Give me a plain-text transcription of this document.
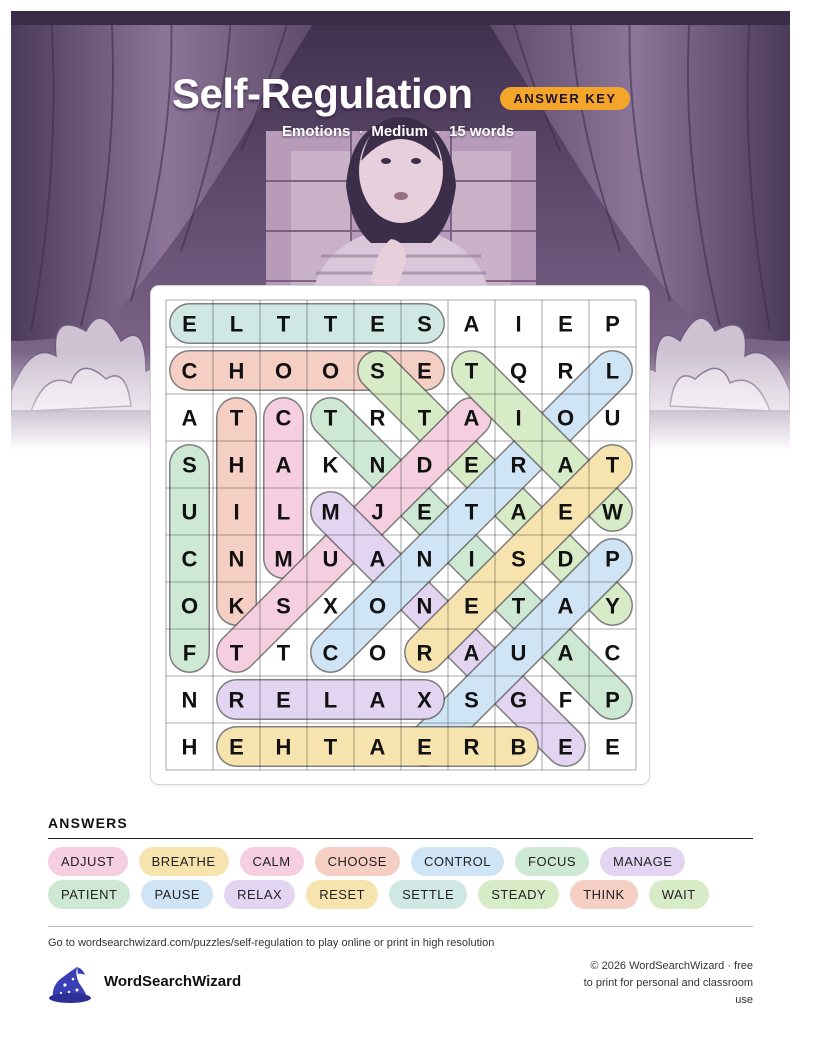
Self-Regulation	ANSWER KEY
Emotions · Medium · 15 words
E L T T E S A I E P
C H O O S E T Q R L
A T C T R T A I O U
S H A K N D E R A T
U I L M J E T A E W
C N M U A N I S D P
O K S X O N E T A Y
F T T C O R A U A C
N R E L A X S G F P
H E H T A E R B E E
ANSWERS
ADJUST	BREATHE	CALM	CHOOSE	CONTROL	FOCUS	MANAGE
PATIENT	PAUSE	RELAX	RESET	SETTLE	STEADY	THINK	WAIT
Go to wordsearchwizard.com/puzzles/self-regulation to play online or print in high resolution
WordSearchWizard
© 2026 WordSearchWizard · free to print for personal and classroom use
